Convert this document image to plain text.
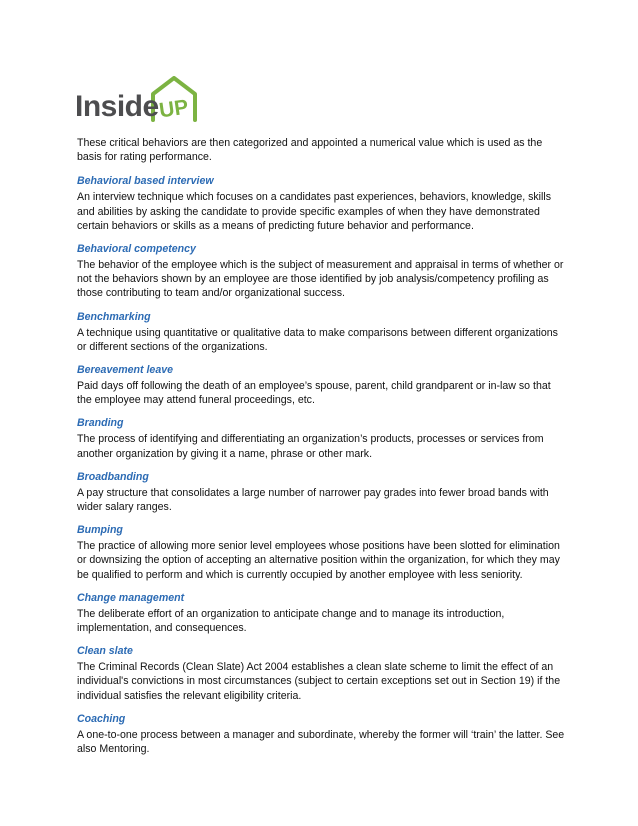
Inside UP

These critical behaviors are then categorized and appointed a numerical value which is used as the basis for rating performance.

Behavioral based interview

An interview technique which focuses on a candidates past experiences, behaviors, knowledge, skills and abilities by asking the candidate to provide specific examples of when they have demonstrated certain behaviors or skills as a means of predicting future behavior and performance.

Behavioral competency

The behavior of the employee which is the subject of measurement and appraisal in terms of whether or not the behaviors shown by an employee are those identified by job analysis/competency profiling as those contributing to team and/or organizational success.

Benchmarking

A technique using quantitative or qualitative data to make comparisons between different organizations or different sections of the organizations.

Bereavement leave

Paid days off following the death of an employee’s spouse, parent, child grandparent or in-law so that the employee may attend funeral proceedings, etc.

Branding

The process of identifying and differentiating an organization’s products, processes or services from another organization by giving it a name, phrase or other mark.

Broadbanding

A pay structure that consolidates a large number of narrower pay grades into fewer broad bands with wider salary ranges.

Bumping

The practice of allowing more senior level employees whose positions have been slotted for elimination or downsizing the option of accepting an alternative position within the organization, for which they may be qualified to perform and which is currently occupied by another employee with less seniority.

Change management

The deliberate effort of an organization to anticipate change and to manage its introduction, implementation, and consequences.

Clean slate

The Criminal Records (Clean Slate) Act 2004 establishes a clean slate scheme to limit the effect of an individual's convictions in most circumstances (subject to certain exceptions set out in Section 19) if the individual satisfies the relevant eligibility criteria.

Coaching

A one-to-one process between a manager and subordinate, whereby the former will ‘train’ the latter. See also Mentoring.
